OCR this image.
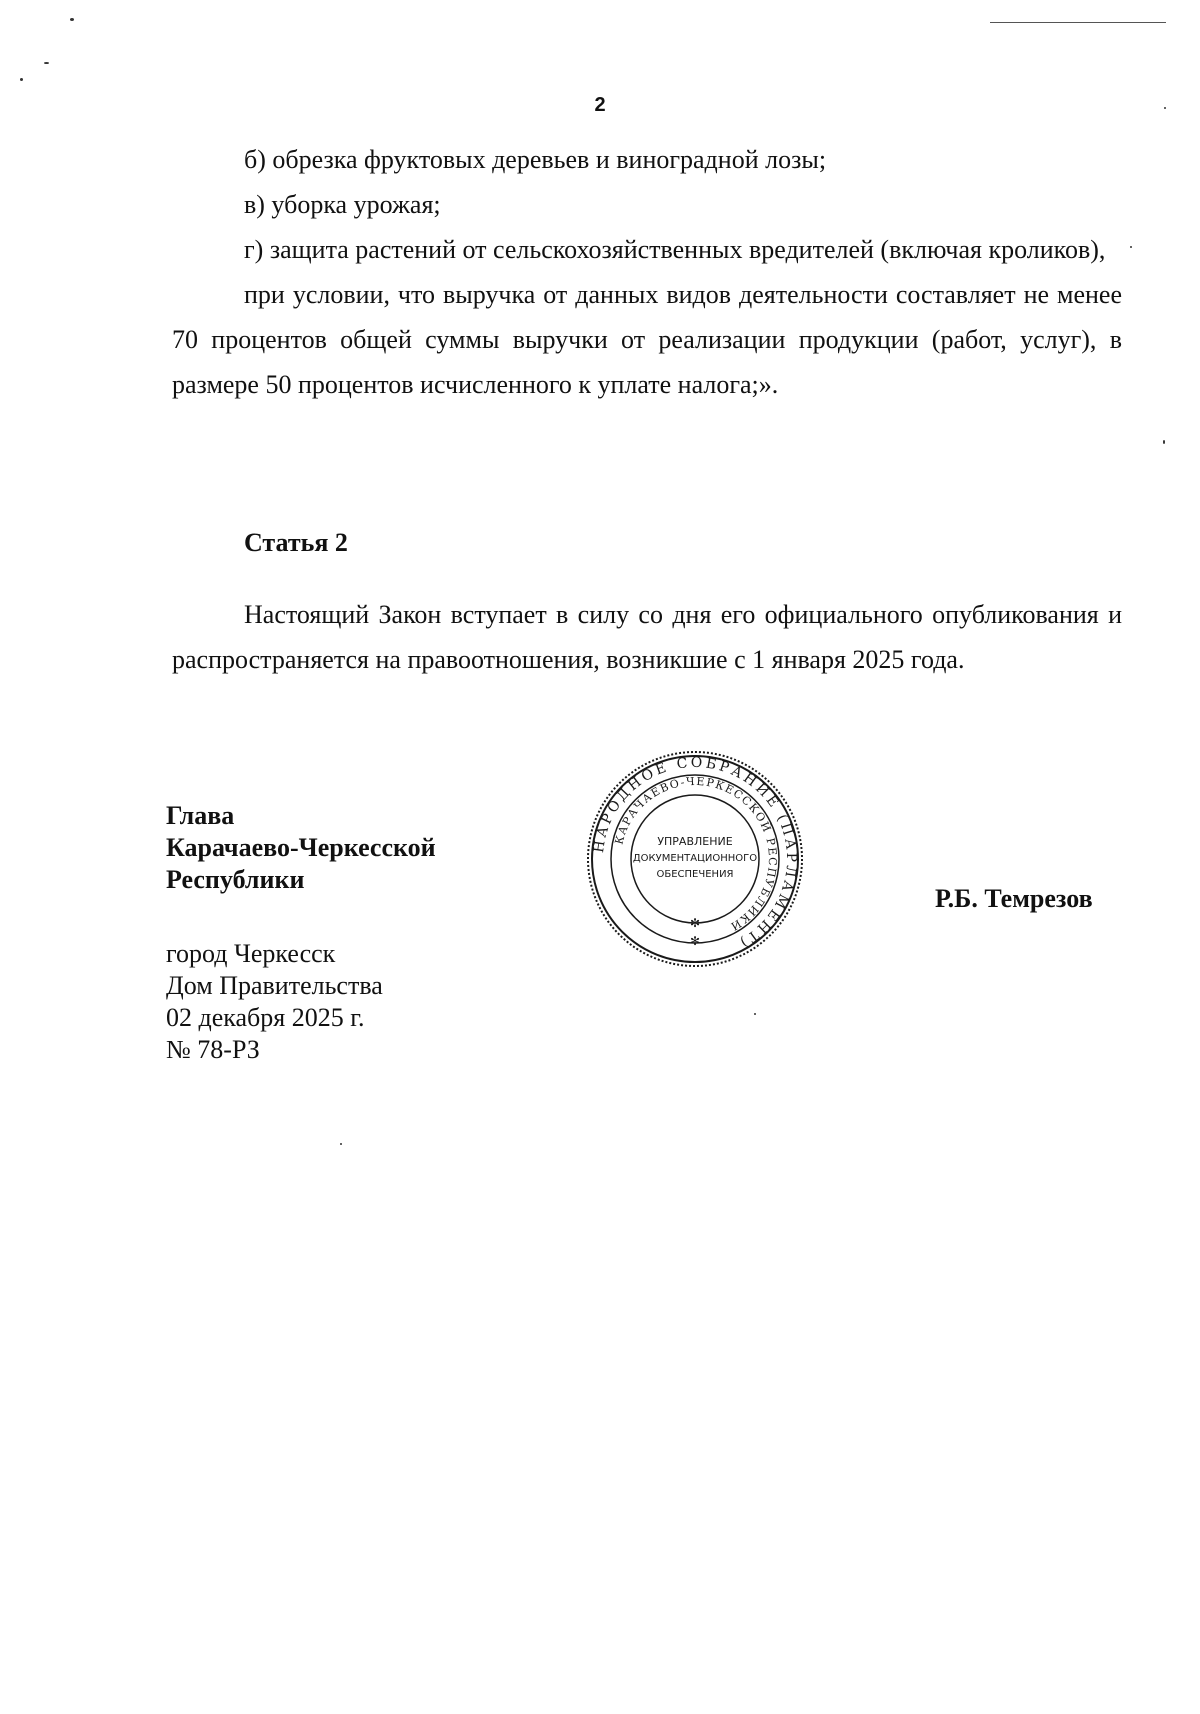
2

б) обрезка фруктовых деревьев и виноградной лозы;

в) уборка урожая;

г) защита растений от сельскохозяйственных вредителей (включая кроликов),

при условии, что выручка от данных видов деятельности составляет не менее 70 процентов общей суммы выручки от реализации продукции (работ, услуг), в размере 50 процентов исчисленного к уплате налога;».

Статья 2

Настоящий Закон вступает в силу со дня его официального опубликования и распространяется на правоотношения, возникшие с 1 января 2025 года.

Глава
Карачаево-Черкесской
Республики
Р.Б. Темрезов
город Черкесск
Дом Правительства
02 декабря 2025 г.
№ 78-РЗ
НАРОДНОЕ СОБРАНИЕ (ПАРЛАМЕНТ)
КАРАЧАЕВО-ЧЕРКЕССКОЙ РЕСПУБЛИКИ
УПРАВЛЕНИЕ
ДОКУМЕНТАЦИОННОГО
ОБЕСПЕЧЕНИЯ
✻
✻
